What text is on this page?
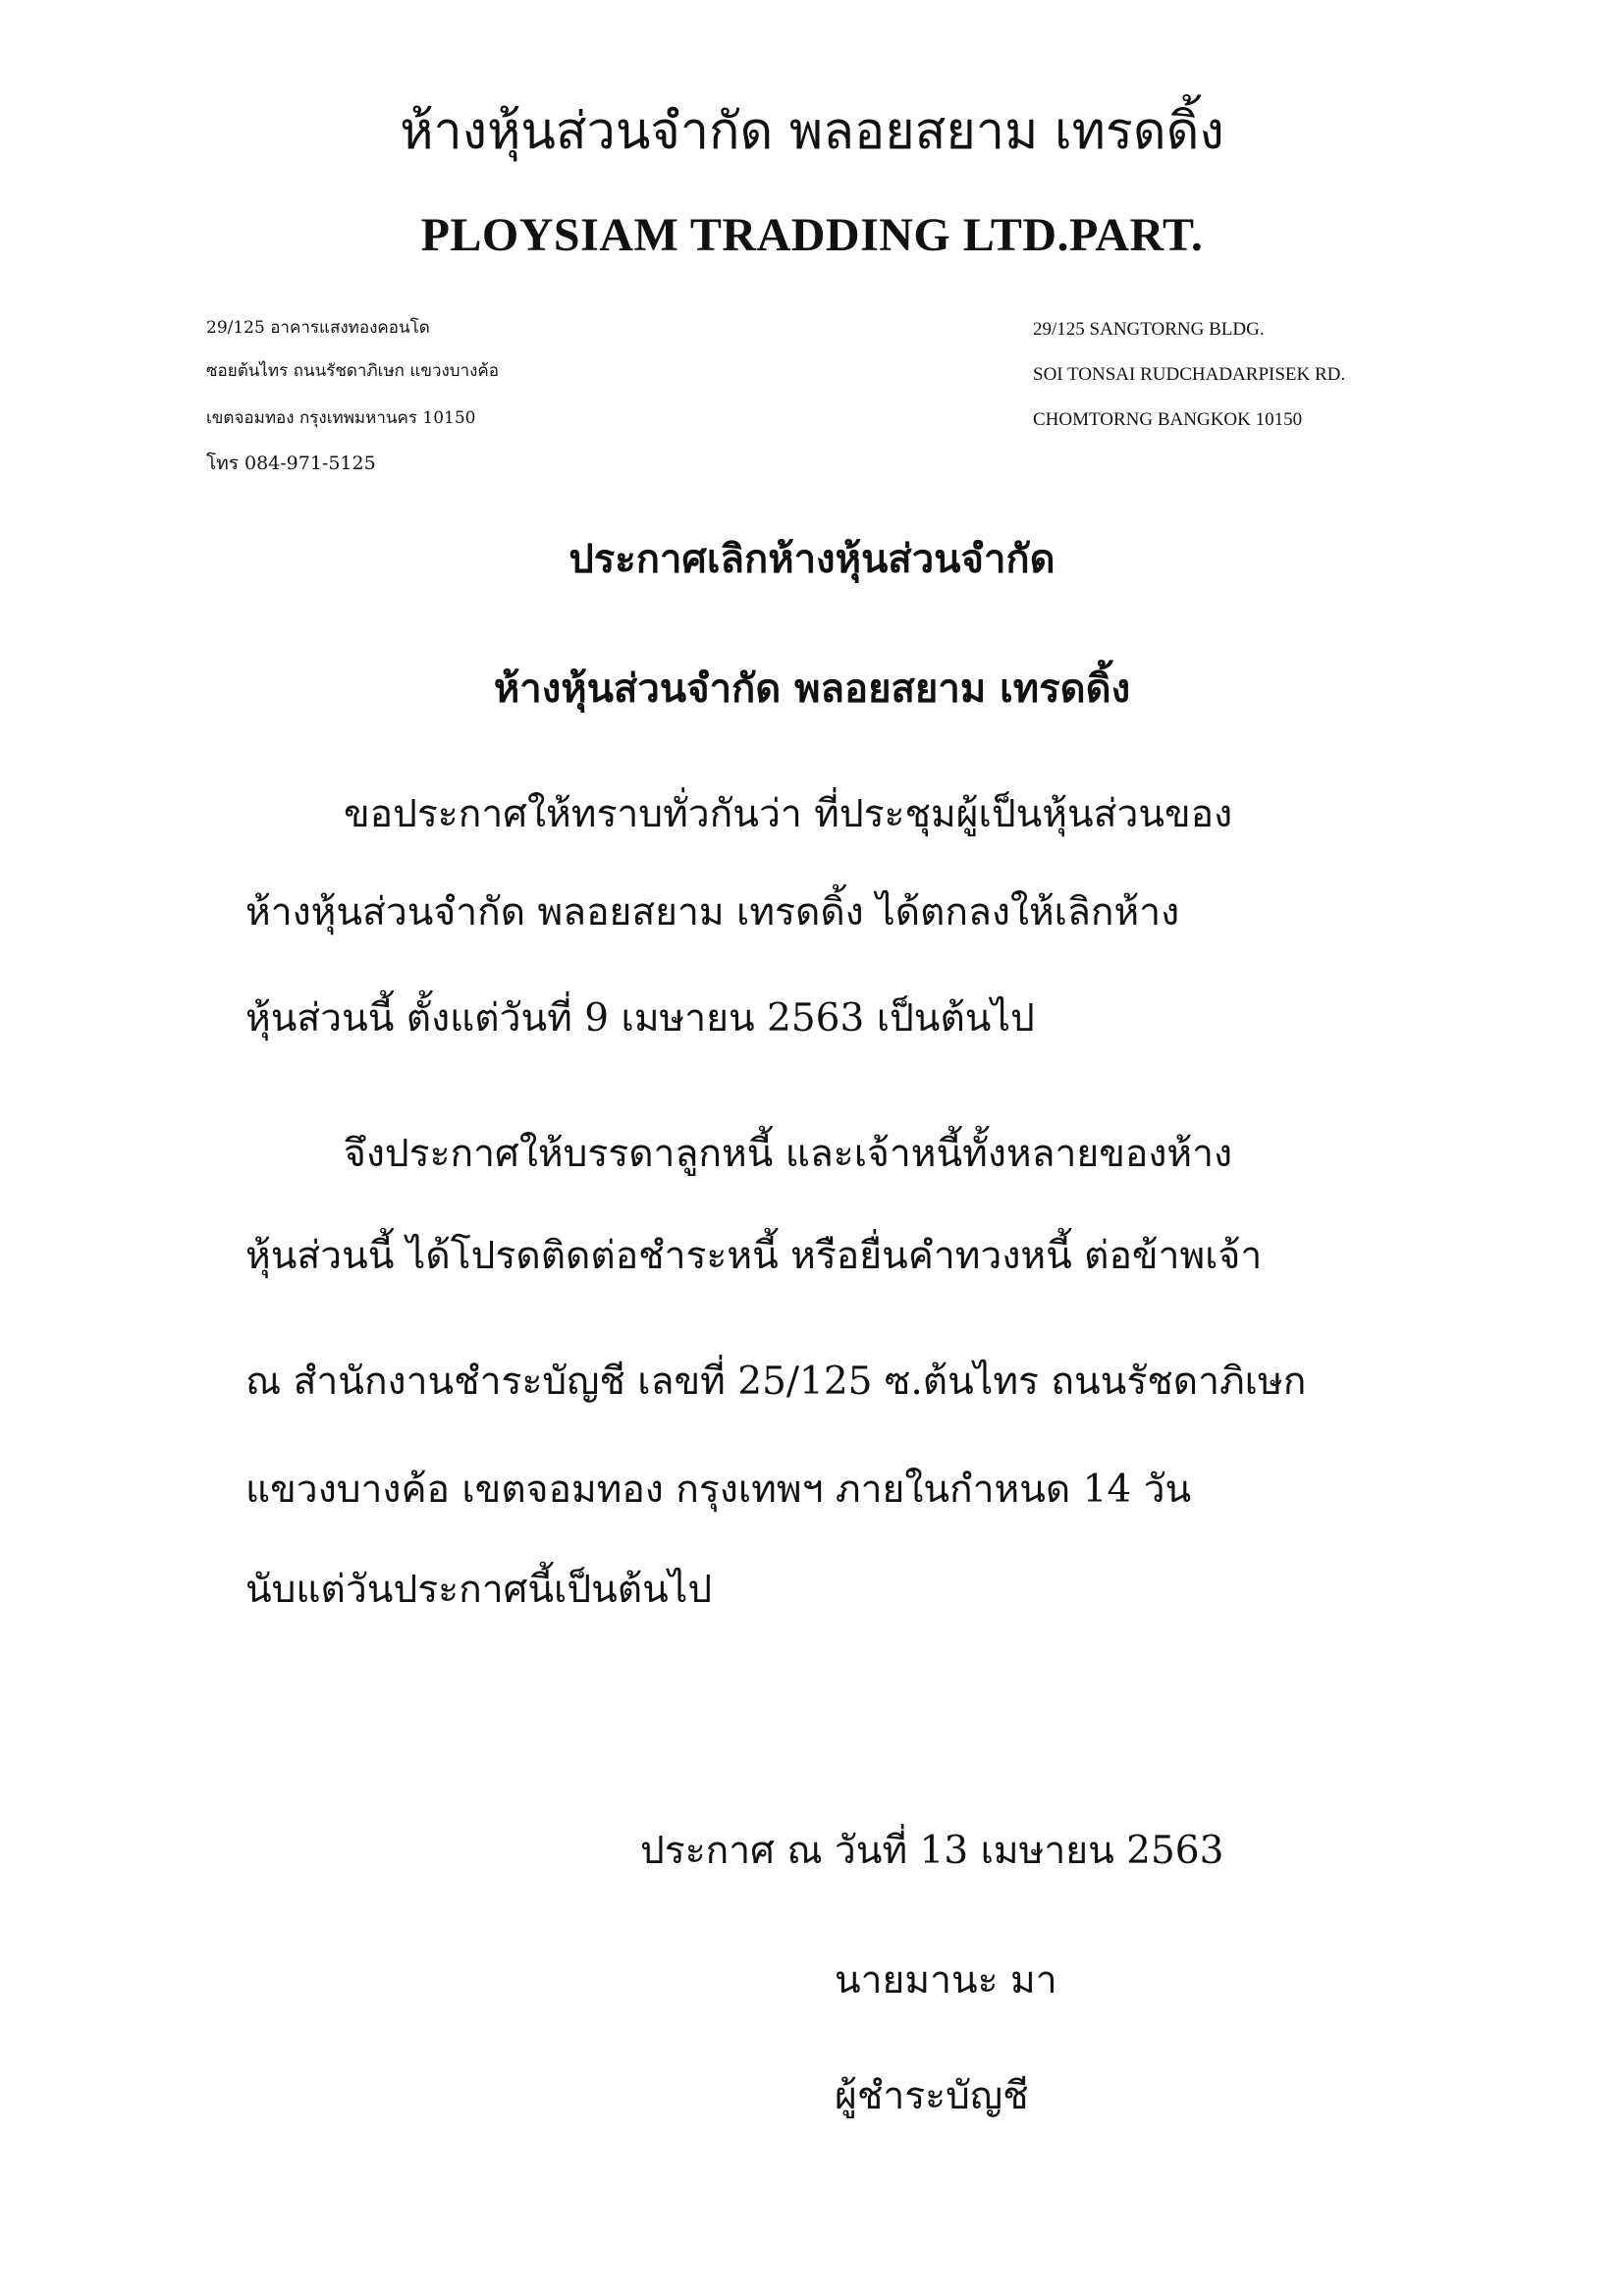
ห้างหุ้นส่วนจำกัด พลอยสยาม เทรดดิ้ง
PLOYSIAM TRADDING LTD.PART.
29/125 อาคารแสงทองคอนโด
ซอยต้นไทร ถนนรัชดาภิเษก แขวงบางค้อ
เขตจอมทอง กรุงเทพมหานคร 10150
โทร 084-971-5125
29/125 SANGTORNG BLDG.
SOI TONSAI RUDCHADARPISEK RD.
CHOMTORNG BANGKOK 10150
ประกาศเลิกห้างหุ้นส่วนจำกัด
ห้างหุ้นส่วนจำกัด พลอยสยาม เทรดดิ้ง
ขอประกาศให้ทราบทั่วกันว่า ที่ประชุมผู้เป็นหุ้นส่วนของ
ห้างหุ้นส่วนจำกัด พลอยสยาม เทรดดิ้ง ได้ตกลงให้เลิกห้าง
หุ้นส่วนนี้ ตั้งแต่วันที่ 9 เมษายน 2563 เป็นต้นไป
จึงประกาศให้บรรดาลูกหนี้ และเจ้าหนี้ทั้งหลายของห้าง
หุ้นส่วนนี้ ได้โปรดติดต่อชำระหนี้ หรือยื่นคำทวงหนี้ ต่อข้าพเจ้า
ณ สำนักงานชำระบัญชี เลขที่ 25/125 ซ.ต้นไทร ถนนรัชดาภิเษก
แขวงบางค้อ เขตจอมทอง กรุงเทพฯ ภายในกำหนด 14 วัน
นับแต่วันประกาศนี้เป็นต้นไป
ประกาศ ณ วันที่ 13 เมษายน 2563
นายมานะ มา
ผู้ชำระบัญชี
